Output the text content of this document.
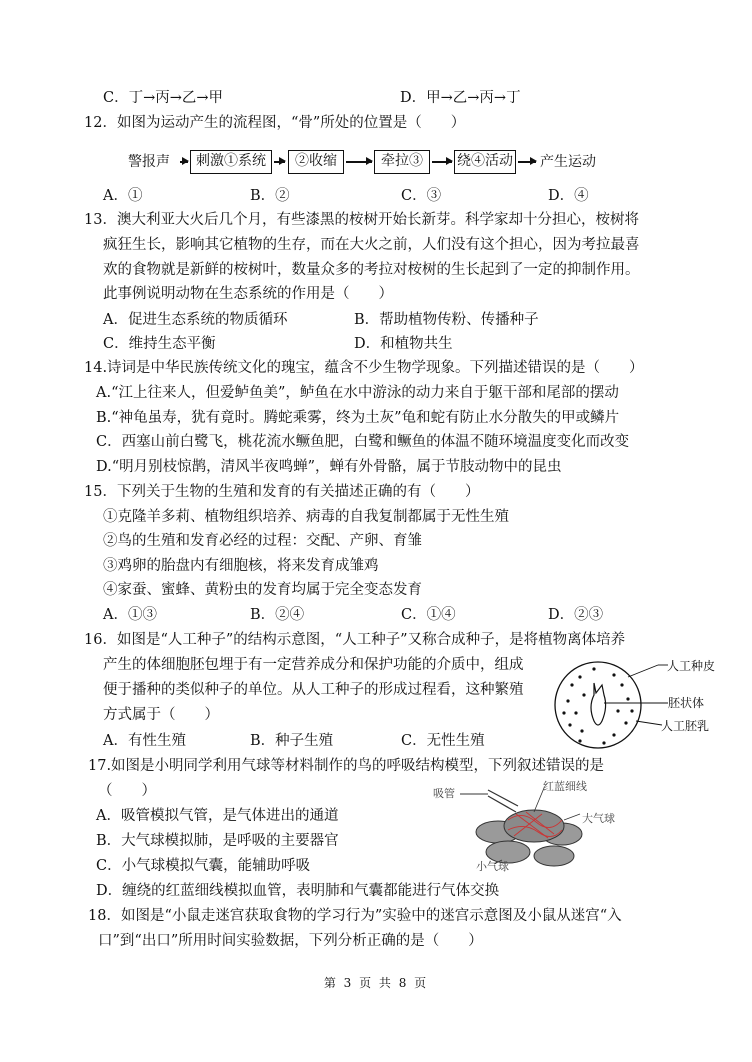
C．丁→丙→乙→甲	D．甲→乙→丙→丁
12．如图为运动产生的流程图，“骨”所处的位置是（　　）
警报声	刺激①系统	②收缩	牵拉③	绕④活动 产生运动
A．①	B．②	C．③	D．④
13．澳大利亚大火后几个月，有些漆黑的桉树开始长新芽。科学家却十分担心，桉树将
疯狂生长，影响其它植物的生存，而在大火之前，人们没有这个担心，因为考拉最喜
欢的食物就是新鲜的桉树叶，数量众多的考拉对桉树的生长起到了一定的抑制作用。
此事例说明动物在生态系统的作用是（　　）
A．促进生态系统的物质循环	B．帮助植物传粉、传播种子
C．维持生态平衡	D．和植物共生
14.诗词是中华民族传统文化的瑰宝，蕴含不少生物学现象。下列描述错误的是（　　）
A.“江上往来人，但爱鲈鱼美”，鲈鱼在水中游泳的动力来自于躯干部和尾部的摆动
B.“神龟虽寿，犹有竟时。腾蛇乘雾，终为土灰”龟和蛇有防止水分散失的甲或鳞片
C．西塞山前白鹭飞，桃花流水鳜鱼肥，白鹭和鳜鱼的体温不随环境温度变化而改变
D.“明月别枝惊鹊，清风半夜鸣蝉”，蝉有外骨骼，属于节肢动物中的昆虫
15．下列关于生物的生殖和发育的有关描述正确的有（　　）
①克隆羊多莉、植物组织培养、病毒的自我复制都属于无性生殖
②鸟的生殖和发育必经的过程：交配、产卵、育雏
③鸡卵的胎盘内有细胞核，将来发育成雏鸡
④家蚕、蜜蜂、黄粉虫的发育均属于完全变态发育
A．①③	B．②④	C．①④	D．②③
16．如图是“人工种子”的结构示意图，“人工种子”又称合成种子，是将植物离体培养
产生的体细胞胚包埋于有一定营养成分和保护功能的介质中，组成
便于播种的类似种子的单位。从人工种子的形成过程看，这种繁殖
方式属于（　　）
A．有性生殖	B．种子生殖	C．无性生殖
人工种皮
胚状体
人工胚乳
17.如图是小明同学利用气球等材料制作的鸟的呼吸结构模型，下列叙述错误的是
（　　）
A．吸管模拟气管，是气体进出的通道
B．大气球模拟肺，是呼吸的主要器官
C．小气球模拟气囊，能辅助呼吸
D．缠绕的红蓝细线模拟血管，表明肺和气囊都能进行气体交换
吸管
红蓝细线
大气球
小气球
18．如图是“小鼠走迷宫获取食物的学习行为”实验中的迷宫示意图及小鼠从迷宫“入
口”到“出口”所用时间实验数据，下列分析正确的是（　　）
第 3 页 共 8 页
